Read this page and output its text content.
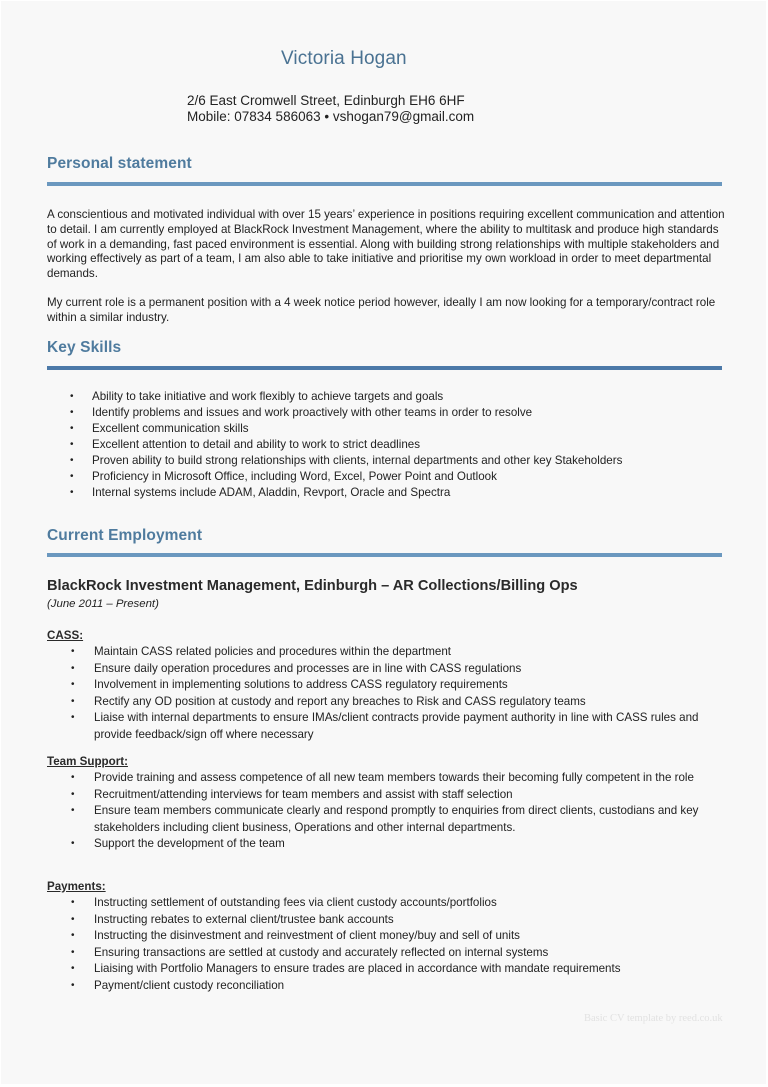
Victoria Hogan
2/6 East Cromwell Street, Edinburgh EH6 6HF
Mobile: 07834 586063 • vshogan79@gmail.com
Personal statement
A conscientious and motivated individual with over 15 years’ experience in positions requiring excellent communication and attention to detail. I am currently employed at BlackRock Investment Management, where the ability to multitask and produce high standards of work in a demanding, fast paced environment is essential. Along with building strong relationships with multiple stakeholders and working effectively as part of a team, I am also able to take initiative and prioritise my own workload in order to meet departmental demands.
My current role is a permanent position with a 4 week notice period however, ideally I am now looking for a temporary/contract role within a similar industry.
Key Skills
• Ability to take initiative and work flexibly to achieve targets and goals
• Identify problems and issues and work proactively with other teams in order to resolve
• Excellent communication skills
• Excellent attention to detail and ability to work to strict deadlines
• Proven ability to build strong relationships with clients, internal departments and other key Stakeholders
• Proficiency in Microsoft Office, including Word, Excel, Power Point and Outlook
• Internal systems include ADAM, Aladdin, Revport, Oracle and Spectra
Current Employment
BlackRock Investment Management, Edinburgh – AR Collections/Billing Ops
(June 2011 – Present)
CASS:
• Maintain CASS related policies and procedures within the department
• Ensure daily operation procedures and processes are in line with CASS regulations
• Involvement in implementing solutions to address CASS regulatory requirements
• Rectify any OD position at custody and report any breaches to Risk and CASS regulatory teams
• Liaise with internal departments to ensure IMAs/client contracts provide payment authority in line with CASS rules and provide feedback/sign off where necessary
Team Support:
• Provide training and assess competence of all new team members towards their becoming fully competent in the role
• Recruitment/attending interviews for team members and assist with staff selection
• Ensure team members communicate clearly and respond promptly to enquiries from direct clients, custodians and key stakeholders including client business, Operations and other internal departments.
• Support the development of the team
Payments:
• Instructing settlement of outstanding fees via client custody accounts/portfolios
• Instructing rebates to external client/trustee bank accounts
• Instructing the disinvestment and reinvestment of client money/buy and sell of units
• Ensuring transactions are settled at custody and accurately reflected on internal systems
• Liaising with Portfolio Managers to ensure trades are placed in accordance with mandate requirements
• Payment/client custody reconciliation
Basic CV template by reed.co.uk
